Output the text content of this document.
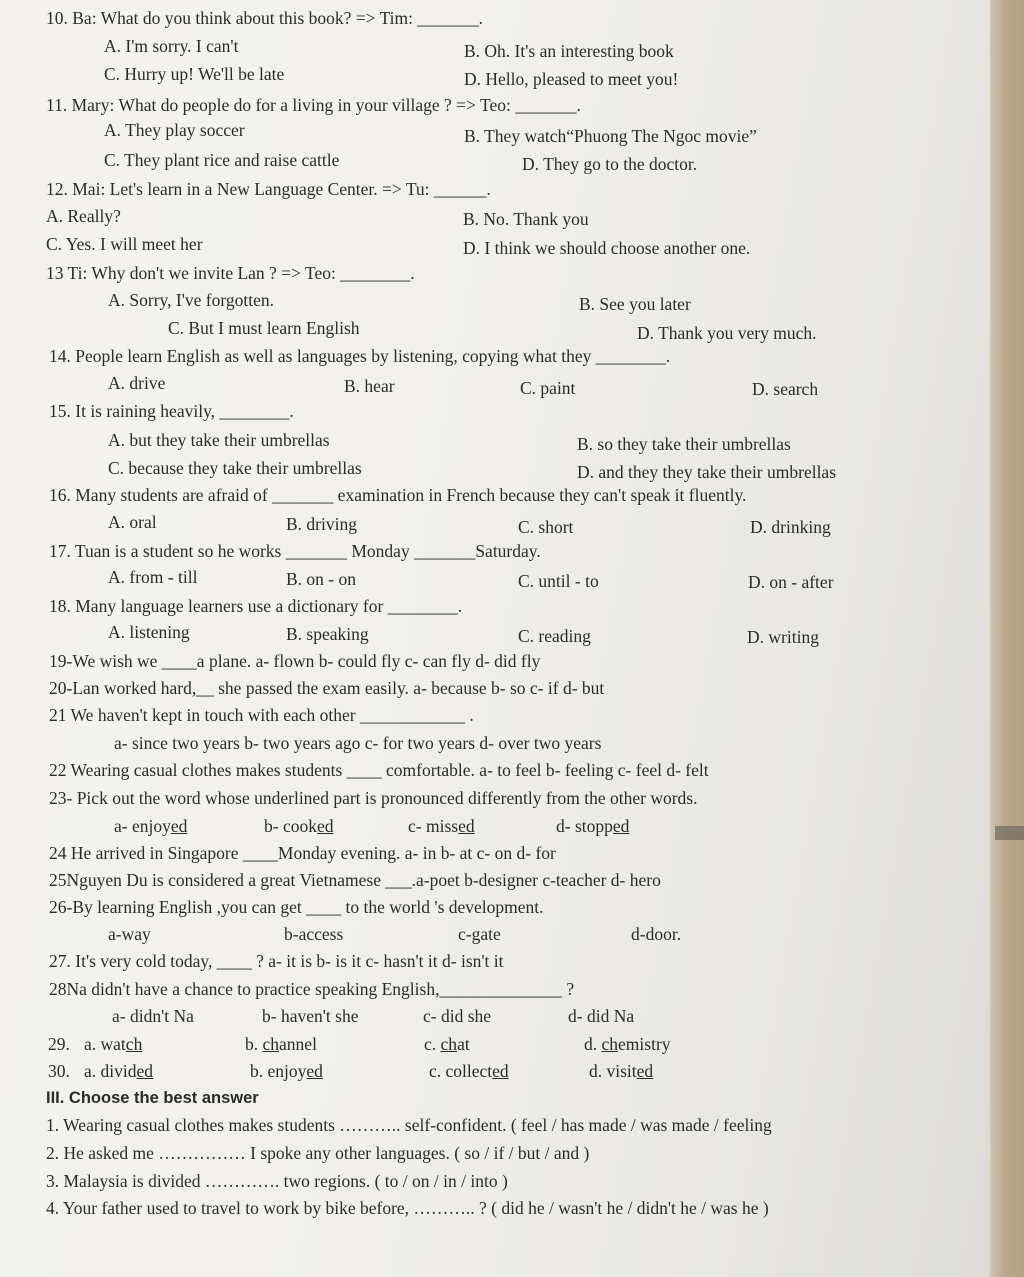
10. Ba: What do you think about this book? => Tim: _______.
A. I'm sorry. I can't	B. Oh. It's an interesting book
C. Hurry up! We'll be late	D. Hello, pleased to meet you!
11. Mary: What do people do for a living in your village ? => Teo: _______.
A. They play soccer	B. They watch“Phuong The Ngoc movie”
C. They plant rice and raise cattle	D. They go to the doctor.
12. Mai: Let's learn in a New Language Center. => Tu: ______.
A. Really?	B. No. Thank you
C. Yes. I will meet her	D. I think we should choose another one.
13 Ti: Why don't we invite Lan ? => Teo: ________.
A. Sorry, I've forgotten.	B. See you later
C. But I must learn English	D. Thank you very much.
14. People learn English as well as languages by listening, copying what they ________.
A. drive	B. hear	C. paint	D. search
15. It is raining heavily, ________.
A. but they take their umbrellas	B. so they take their umbrellas
C. because they take their umbrellas	D. and they they take their umbrellas
16. Many students are afraid of _______ examination in French because they can't speak it fluently.
A. oral	B. driving	C. short	D. drinking
17. Tuan is a student so he works _______ Monday _______Saturday.
A. from - till	B. on - on	C. until - to	D. on - after
18. Many language learners use a dictionary for ________.
A. listening	B. speaking	C. reading	D. writing
19-We wish we ____a plane. a- flown b- could fly c- can fly d- did fly
20-Lan worked hard,__ she passed the exam easily. a- because b- so c- if d- but
21 We haven't kept in touch with each other ____________ .
a- since two years b- two years ago c- for two years d- over two years
22 Wearing casual clothes makes students ____ comfortable. a- to feel b- feeling c- feel d- felt
23- Pick out the word whose underlined part is pronounced differently from the other words.
a- enjoyed	b- cooked	c- missed	d- stopped
24 He arrived in Singapore ____Monday evening. a- in b- at c- on d- for
25Nguyen Du is considered a great Vietnamese ___.a-poet b-designer c-teacher d- hero
26-By learning English ,you can get ____ to the world 's development.
a-way	b-access	c-gate	d-door.
27. It's very cold today, ____ ? a- it is b- is it c- hasn't it d- isn't it
28Na didn't have a chance to practice speaking English,______________ ?
a- didn't Na	b- haven't she	c- did she	d- did Na
29. a. watch	b. channel	c. chat	d. chemistry
30. a. divided	b. enjoyed	c. collected	d. visited
III. Choose the best answer
1. Wearing casual clothes makes students ……….. self-confident. ( feel / has made / was made / feeling
2. He asked me …………… I spoke any other languages. ( so / if / but / and )
3. Malaysia is divided …………. two regions. ( to / on / in / into )
4. Your father used to travel to work by bike before, ……….. ? ( did he / wasn't he / didn't he / was he )
